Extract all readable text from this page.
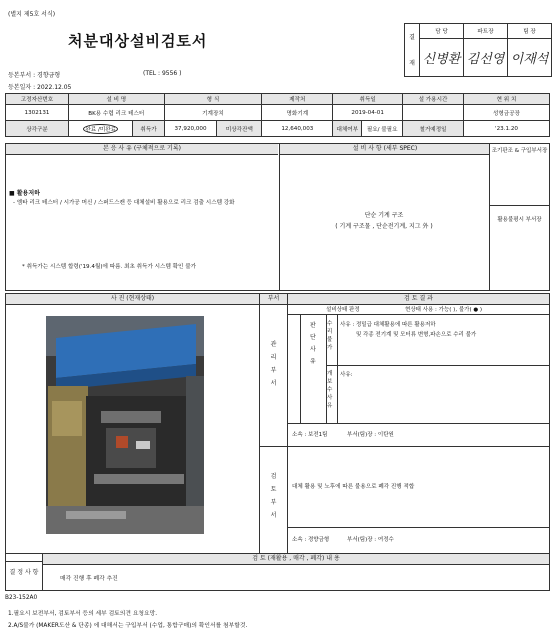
(별지 제5호 서식)
처분대상설비검토서	결

재	담 당	파트장	팀 장
	신병환	김선영	이재석
등본부서 : 경향금형	(TEL : 9556 )
등본일자 : 2022.12.05
고정자산번호	설 비 명		형 식		제작처	취득일		설 가용시간	현 위 치
1302131	BK용 수렵 리크 테스터		기계장치		명화기계	2019-04-01			성형금공장
상각구분	완료 /미완료	취득가	37,920,000	미상각잔액	12,640,003	대체여부	필요/ 불필요	철거예정일	'23.1.20
본 응 사 유 (구체적으로 기록)	설 비 사 항 (세부 SPEC)	조기판조 & 구입부서장
활용불평시 부서장
■ 활용저하
- 엠타 리크 테스터 / 시가공 머신 / 스퍼드스캔 등 대체설비 활용으로 리크 검출 시스템 강화
* 취득가는 시스템 합령('19.4월)에 따름. 최초 취득가 시스템 확인 불가
단순 기계 구조
( 기계 구조물 , 단순전기계, 지그 外 )
사 진 (현재상태)	부서	검 토 결 과
관 리 부 서
설비상태 판정	현상태 사용 : 가능( ), 불가( ● )
판 단 사 유
수리 불가
사유 : 정밀급 대체활용에 따른 활용저하
및 각종 전기계 및 모터류 변형,파손으로 수리 불가
개보수 사유
사유:
소속 : 보전1팀	부서(팀)장 : 이탄원
검 토 부 서
대체 활용 및 노후에 따른 불용으로 폐각 진행 적합
소속 : 경향금형	부서(팀)장 : 여정수
결 정 사 항
검 토 (재활용 , 매각 , 폐각) 내 용
매각 진행 후 폐각 추진
B23-152A0
1.필요시 보전부서, 검토부서 등의 세부 검토의견 요청요망.
2.A/S불가 (MAKER도산 & 단종) 에 대해서는 구입부서 (수업, 통합구매)의 확인서를 첨부할것.
